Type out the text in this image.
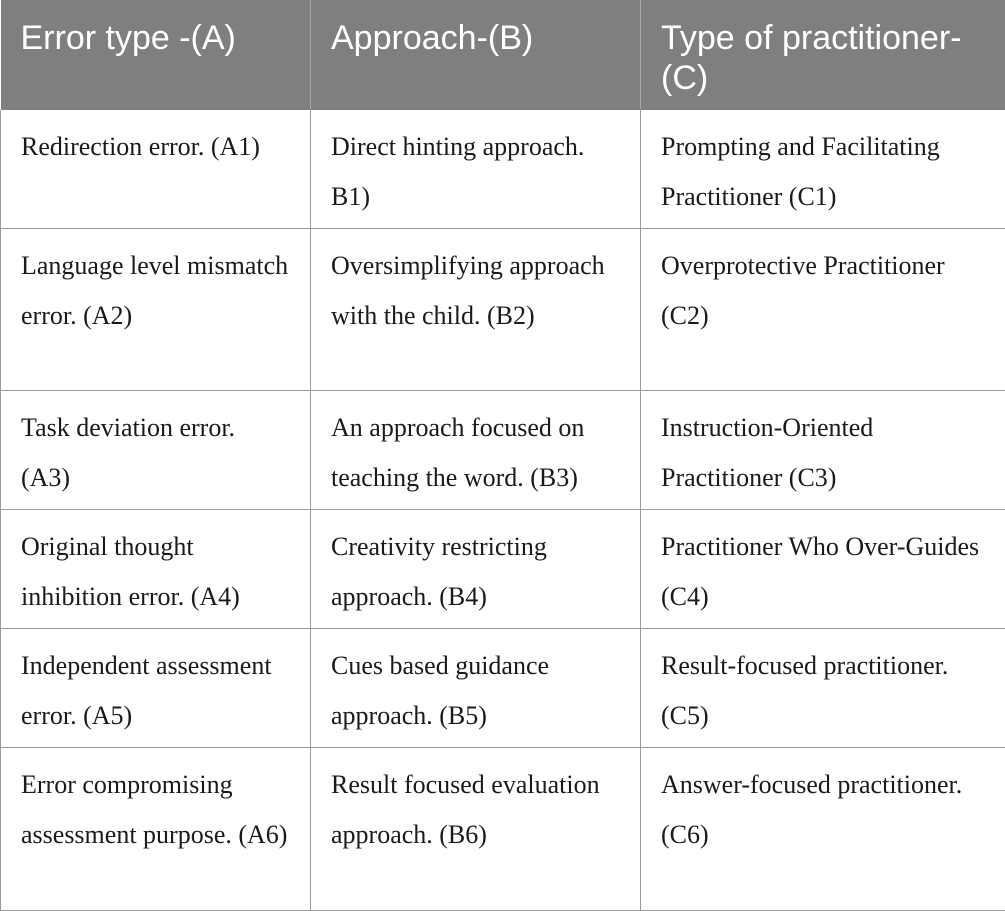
Error type -(A)	Approach-(B)	Type of practitioner-(C)
Redirection error. (A1)	Direct hinting approach. B1)	Prompting and Facilitating Practitioner (C1)
Language level mismatch error. (A2)	Oversimplifying approach with the child. (B2)	Overprotective Practitioner (C2)
Task deviation error. (A3)	An approach focused on teaching the word. (B3)	Instruction-Oriented Practitioner (C3)
Original thought inhibition error. (A4)	Creativity restricting approach. (B4)	Practitioner Who Over-Guides (C4)
Independent assessment error. (A5)	Cues based guidance approach. (B5)	Result-focused practitioner. (C5)
Error compromising assessment purpose. (A6)	Result focused evaluation approach. (B6)	Answer-focused practitioner. (C6)
